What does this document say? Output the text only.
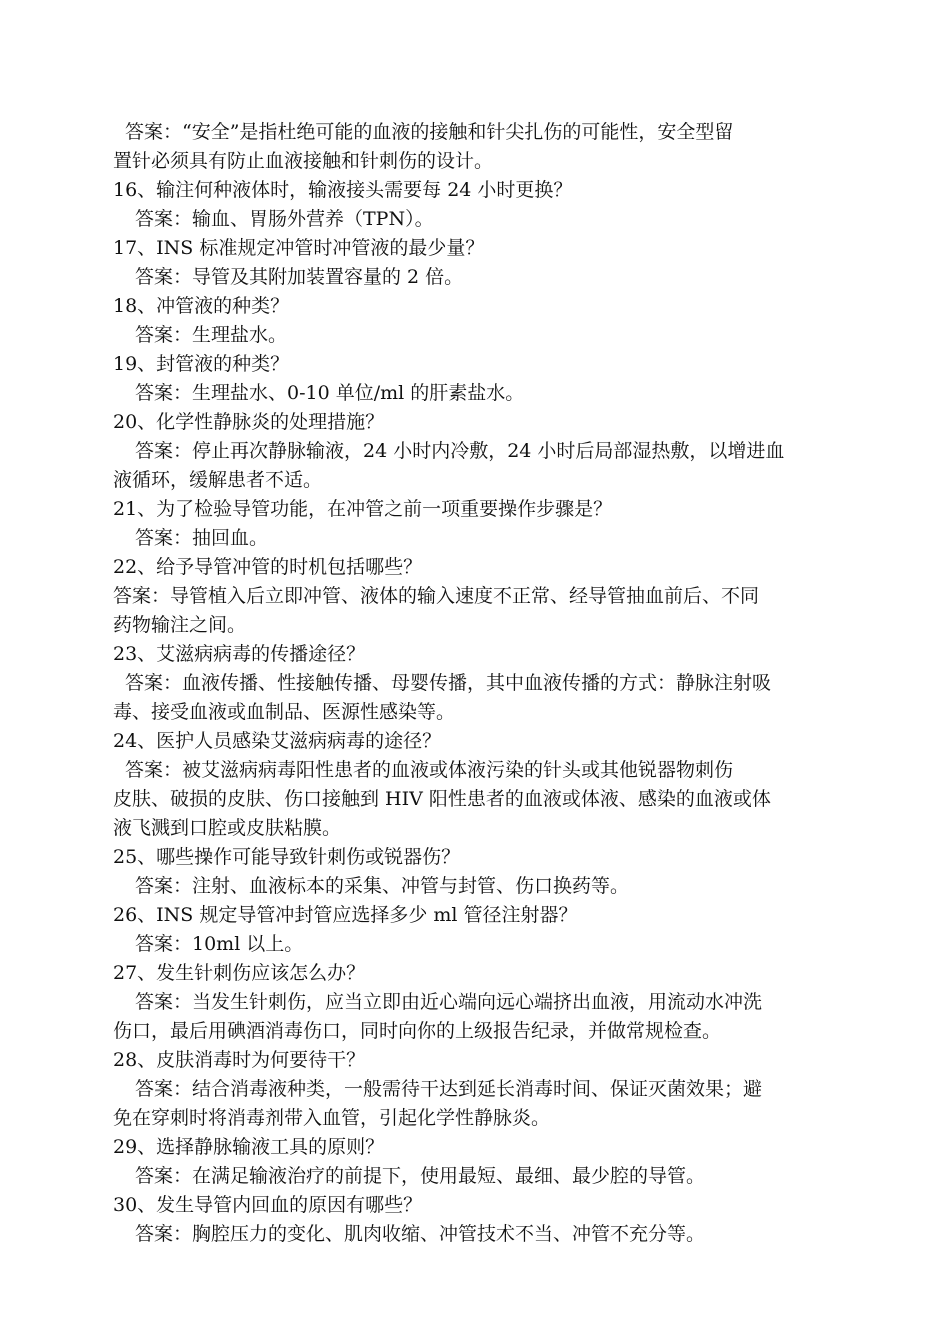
答案：“安全”是指杜绝可能的血液的接触和针尖扎伤的可能性，安全型留
置针必须具有防止血液接触和针刺伤的设计。
16、输注何种液体时，输液接头需要每 24 小时更换？
答案：输血、胃肠外营养（TPN）。
17、INS 标准规定冲管时冲管液的最少量？
答案：导管及其附加装置容量的 2 倍。
18、冲管液的种类？
答案：生理盐水。
19、封管液的种类？
答案：生理盐水、0-10 单位/ml 的肝素盐水。
20、化学性静脉炎的处理措施？
答案：停止再次静脉输液，24 小时内冷敷，24 小时后局部湿热敷，以增进血
液循环，缓解患者不适。
21、为了检验导管功能，在冲管之前一项重要操作步骤是？
答案：抽回血。
22、给予导管冲管的时机包括哪些？
答案：导管植入后立即冲管、液体的输入速度不正常、经导管抽血前后、不同
药物输注之间。
23、艾滋病病毒的传播途径？
答案：血液传播、性接触传播、母婴传播，其中血液传播的方式：静脉注射吸
毒、接受血液或血制品、医源性感染等。
24、医护人员感染艾滋病病毒的途径？
答案：被艾滋病病毒阳性患者的血液或体液污染的针头或其他锐器物刺伤
皮肤、破损的皮肤、伤口接触到 HIV 阳性患者的血液或体液、感染的血液或体
液飞溅到口腔或皮肤粘膜。
25、哪些操作可能导致针刺伤或锐器伤？
答案：注射、血液标本的采集、冲管与封管、伤口换药等。
26、INS 规定导管冲封管应选择多少 ml 管径注射器？
答案：10ml 以上。
27、发生针刺伤应该怎么办？
答案：当发生针刺伤，应当立即由近心端向远心端挤出血液，用流动水冲洗
伤口，最后用碘酒消毒伤口，同时向你的上级报告纪录，并做常规检查。
28、皮肤消毒时为何要待干？
答案：结合消毒液种类，一般需待干达到延长消毒时间、保证灭菌效果；避
免在穿刺时将消毒剂带入血管，引起化学性静脉炎。
29、选择静脉输液工具的原则？
答案：在满足输液治疗的前提下，使用最短、最细、最少腔的导管。
30、发生导管内回血的原因有哪些？
答案：胸腔压力的变化、肌肉收缩、冲管技术不当、冲管不充分等。
